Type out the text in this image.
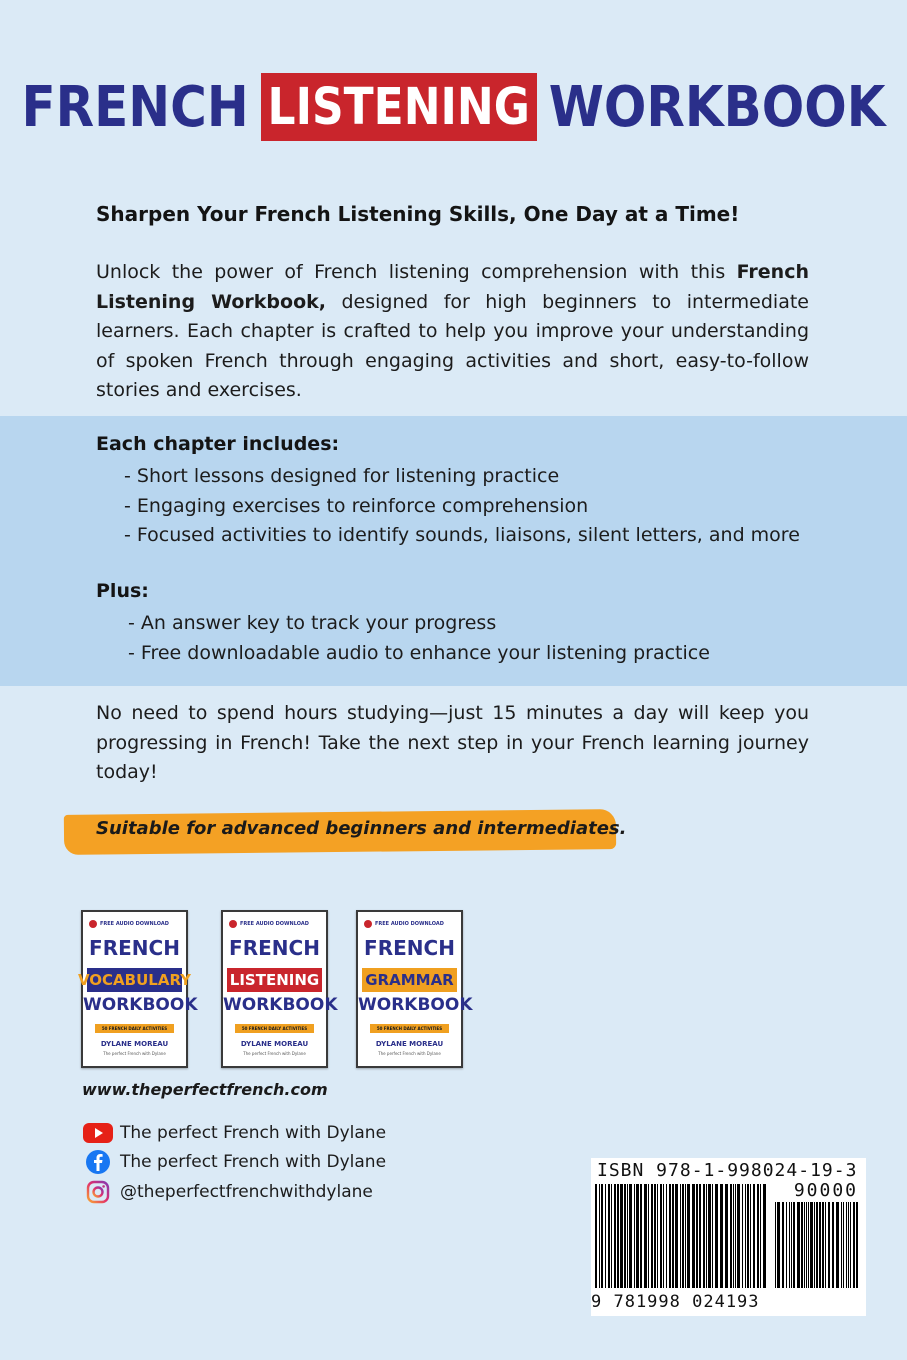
FRENCH LISTENING WORKBOOK
Sharpen Your French Listening Skills, One Day at a Time!
Unlock the power of French listening comprehension with this French Listening Workbook, designed for high beginners to intermediate learners. Each chapter is crafted to help you improve your understanding of spoken French through engaging activities and short, easy-to-follow stories and exercises.
Each chapter includes:
- Short lessons designed for listening practice
- Engaging exercises to reinforce comprehension
- Focused activities to identify sounds, liaisons, silent letters, and more
Plus:
- An answer key to track your progress
- Free downloadable audio to enhance your listening practice
No need to spend hours studying—just 15 minutes a day will keep you progressing in French! Take the next step in your French learning journey today!
Suitable for advanced beginners and intermediates.
FREE AUDIO DOWNLOAD
FRENCH
VOCABULARY
WORKBOOK
50 FRENCH DAILY ACTIVITIES
DYLANE MOREAU
The perfect French with Dylane
FREE AUDIO DOWNLOAD
FRENCH
LISTENING
WORKBOOK
50 FRENCH DAILY ACTIVITIES
DYLANE MOREAU
The perfect French with Dylane
FREE AUDIO DOWNLOAD
FRENCH
GRAMMAR
WORKBOOK
50 FRENCH DAILY ACTIVITIES
DYLANE MOREAU
The perfect French with Dylane
www.theperfectfrench.com
The perfect French with Dylane
The perfect French with Dylane
@theperfectfrenchwithdylane
ISBN 978-1-998024-19-3
90000
9 781998 024193
